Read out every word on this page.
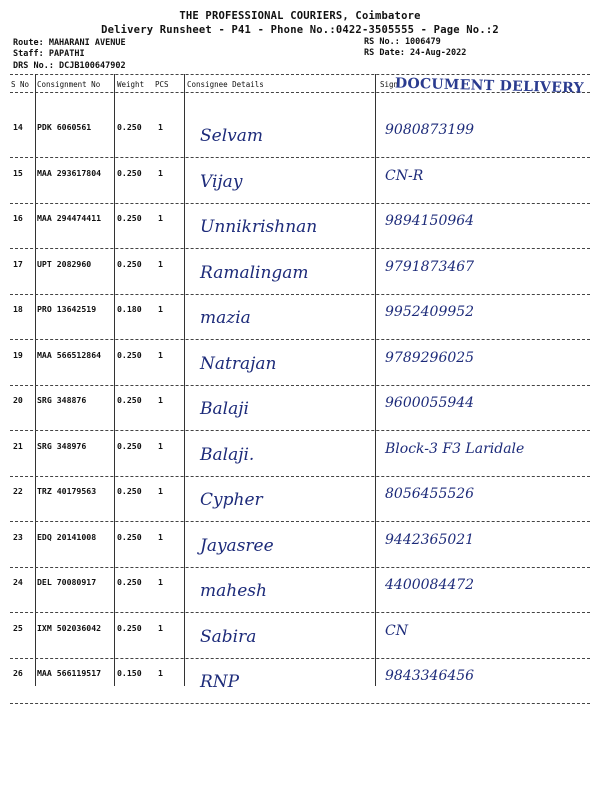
THE PROFESSIONAL COURIERS, Coimbatore
Delivery Runsheet - P41 - Phone No.:0422-3505555 - Page No.:2
Route: MAHARANI AVENUE
Staff: PAPATHI
DRS No.: DCJB100647902
RS No.: 1006479
RS Date: 24-Aug-2022
S No Consignment No Weight PCS Consignee Details	Sign
DOCUMENT DELIVERY
14 PDK 6060561	0.250 1 Selvam	9080873199
15 MAA 293617804 0.250 1 Vijay	CN-R
16 MAA 294474411 0.250 1 Unnikrishnan	9894150964
17 UPT 2082960	0.250 1 Ramalingam	9791873467
18 PRO 13642519	0.180 1 mazia	9952409952
19 MAA 566512864 0.250 1 Natrajan	9789296025
20 SRG 348876	0.250 1 Balaji	9600055944
21 SRG 348976	0.250 1 Balaji.	Block-3 F3 Laridale
22 TRZ 40179563	0.250 1 Cypher	8056455526
23 EDQ 20141008	0.250 1 Jayasree	9442365021
24 DEL 70080917	0.250 1 mahesh	4400084472
25 IXM 502036042 0.250 1 Sabira	CN
26 MAA 566119517 0.150 1 RNP	9843346456
